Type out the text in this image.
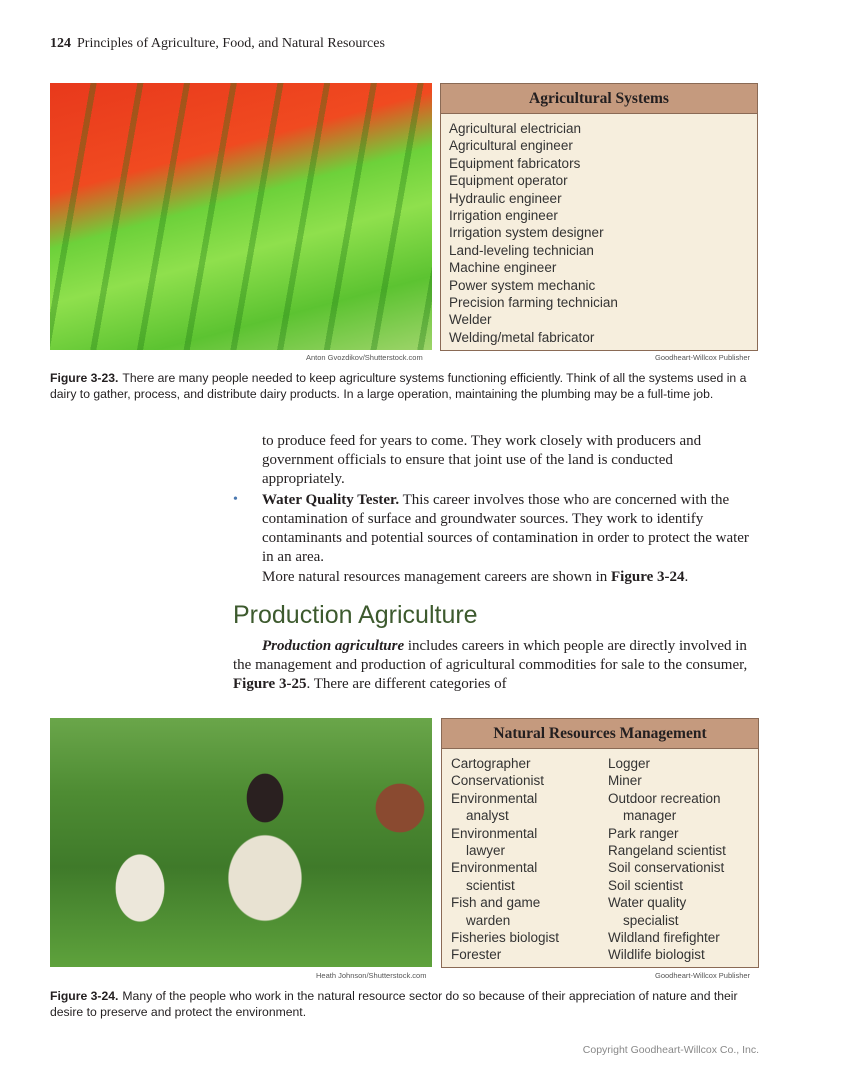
124 Principles of Agriculture, Food, and Natural Resources
Anton Gvozdikov/Shutterstock.com
Agricultural Systems
Agricultural electrician
Agricultural engineer
Equipment fabricators
Equipment operator
Hydraulic engineer
Irrigation engineer
Irrigation system designer
Land-leveling technician
Machine engineer
Power system mechanic
Precision farming technician
Welder
Welding/metal fabricator
Goodheart-Willcox Publisher
Figure 3-23. There are many people needed to keep agriculture systems functioning efficiently. Think of all the systems used in a dairy to gather, process, and distribute dairy products. In a large operation, maintaining the plumbing may be a full-time job.
to produce feed for years to come. They work closely with producers and government officials to ensure that joint use of the land is conducted appropriately.
• Water Quality Tester. This career involves those who are concerned with the contamination of surface and groundwater sources. They work to identify contaminants and potential sources of contamination in order to protect the water in an area.
More natural resources management careers are shown in Figure 3-24.
Production Agriculture
Production agriculture includes careers in which people are directly involved in the management and production of agricultural commodities for sale to the consumer, Figure 3-25. There are different categories of
Heath Johnson/Shutterstock.com
Natural Resources Management
Cartographer
Conservationist
Environmental
analyst
Environmental
lawyer
Environmental
scientist
Fish and game
warden
Fisheries biologist
Forester
Logger
Miner
Outdoor recreation
manager
Park ranger
Rangeland scientist
Soil conservationist
Soil scientist
Water quality
specialist
Wildland firefighter
Wildlife biologist
Goodheart-Willcox Publisher
Figure 3-24. Many of the people who work in the natural resource sector do so because of their appreciation of nature and their desire to preserve and protect the environment.
Copyright Goodheart-Willcox Co., Inc.
